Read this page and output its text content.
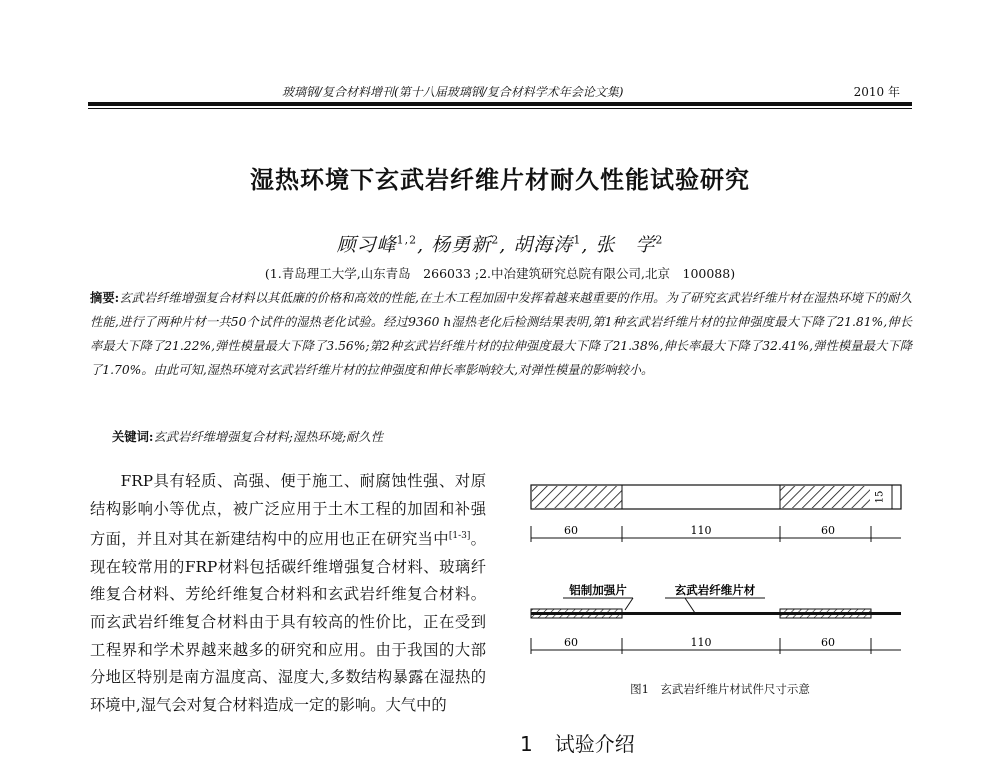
玻璃钢/复合材料增刊(第十八届玻璃钢/复合材料学术年会论文集)	2010 年
湿热环境下玄武岩纤维片材耐久性能试验研究
顾习峰$^{1,2}$, 杨勇新$^2$, 胡海涛$^1$, 张　学$^2$
(1.青岛理工大学,山东青岛　266033 ;2.中冶建筑研究总院有限公司,北京　100088)
摘要:玄武岩纤维增强复合材料以其低廉的价格和高效的性能,在土木工程加固中发挥着越来越重要的作用。为了研究玄武岩纤维片材在湿热环境下的耐久性能,进行了两种片材一共50个试件的湿热老化试验。经过9360 h湿热老化后检测结果表明,第1种玄武岩纤维片材的拉伸强度最大下降了21.81%,伸长率最大下降了21.22%,弹性模量最大下降了3.56%;第2种玄武岩纤维片材的拉伸强度最大下降了21.38%,伸长率最大下降了32.41%,弹性模量最大下降了1.70%。由此可知,湿热环境对玄武岩纤维片材的拉伸强度和伸长率影响较大,对弹性模量的影响较小。
关键词:玄武岩纤维增强复合材料;湿热环境;耐久性

FRP具有轻质、高强、便于施工、耐腐蚀性强、对原结构影响小等优点，被广泛应用于土木工程的加固和补强方面，并且对其在新建结构中的应用也正在研究当中[1-3]。现在较常用的FRP材料包括碳纤维增强复合材料、玻璃纤维复合材料、芳纶纤维复合材料和玄武岩纤维复合材料。而玄武岩纤维复合材料由于具有较高的性价比，正在受到工程界和学术界越来越多的研究和应用。由于我国的大部分地区特别是南方温度高、湿度大,多数结构暴露在湿热的环境中,湿气会对复合材料造成一定的影响。大气中的

15
60	110	60
铝制加强片	玄武岩纤维片材
60	110	60
图1　玄武岩纤维片材试件尺寸示意
1 试验介绍
